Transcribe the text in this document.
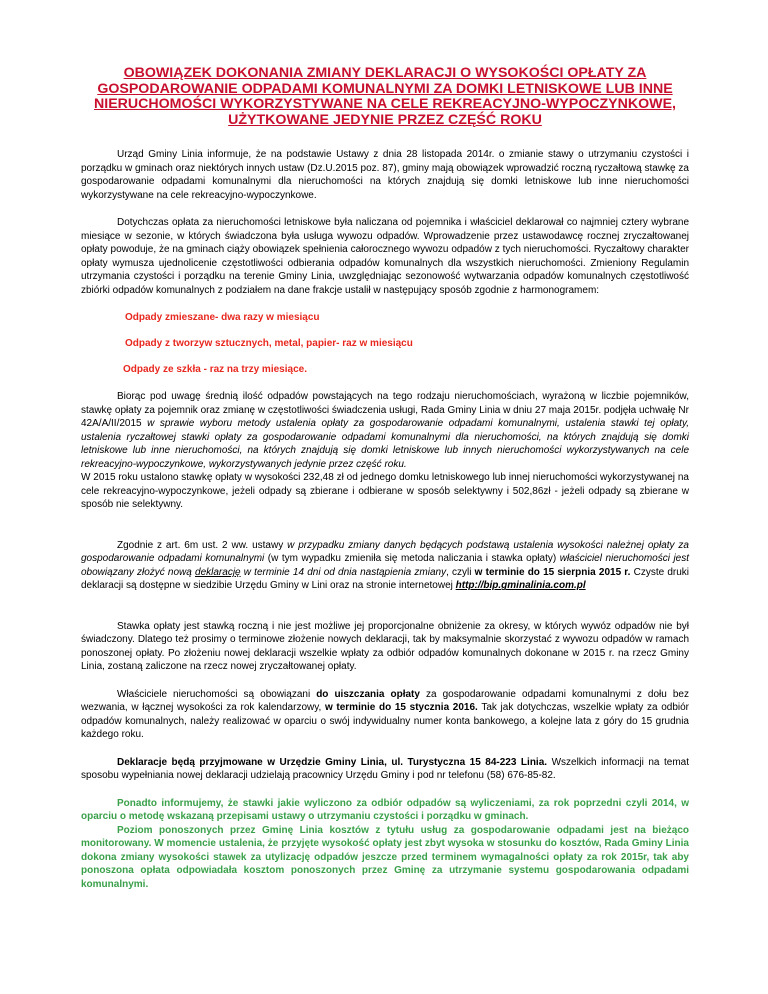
OBOWIĄZEK DOKONANIA ZMIANY DEKLARACJI O WYSOKOŚCI OPŁATY ZA GOSPODAROWANIE ODPADAMI KOMUNALNYMI ZA DOMKI LETNISKOWE LUB INNE NIERUCHOMOŚCI WYKORZYSTYWANE NA CELE REKREACYJNO-WYPOCZYNKOWE, UŻYTKOWANE JEDYNIE PRZEZ CZĘŚĆ ROKU

Urząd Gminy Linia informuje, że na podstawie Ustawy z dnia 28 listopada 2014r. o zmianie stawy o utrzymaniu czystości i porządku w gminach oraz niektórych innych ustaw (Dz.U.2015 poz. 87), gminy mają obowiązek wprowadzić roczną ryczałtową stawkę za gospodarowanie odpadami komunalnymi dla nieruchomości na których znajdują się domki letniskowe lub inne nieruchomości wykorzystywane na cele rekreacyjno-wypoczynkowe.

Dotychczas opłata za nieruchomości letniskowe była naliczana od pojemnika i właściciel deklarował co najmniej cztery wybrane miesiące w sezonie, w których świadczona była usługa wywozu odpadów. Wprowadzenie przez ustawodawcę rocznej zryczałtowanej opłaty powoduje, że na gminach ciąży obowiązek spełnienia całorocznego wywozu odpadów z tych nieruchomości. Ryczałtowy charakter opłaty wymusza ujednolicenie częstotliwości odbierania odpadów komunalnych dla wszystkich nieruchomości. Zmieniony Regulamin utrzymania czystości i porządku na terenie Gminy Linia, uwzględniając sezonowość wytwarzania odpadów komunalnych częstotliwość zbiórki odpadów komunalnych z podziałem na dane frakcje ustalił w następujący sposób zgodnie z harmonogramem:

Odpady zmieszane- dwa razy w miesiącu

Odpady z tworzyw sztucznych, metal, papier- raz w miesiącu

Odpady ze szkła - raz na trzy miesiące.

Biorąc pod uwagę średnią ilość odpadów powstających na tego rodzaju nieruchomościach, wyrażoną w liczbie pojemników, stawkę opłaty za pojemnik oraz zmianę w częstotliwości świadczenia usługi, Rada Gminy Linia w dniu 27 maja 2015r. podjęła uchwałę Nr 42A/A/II/2015 w sprawie wyboru metody ustalenia opłaty za gospodarowanie odpadami komunalnymi, ustalenia stawki tej opłaty, ustalenia ryczałtowej stawki opłaty za gospodarowanie odpadami komunalnymi dla nieruchomości, na których znajdują się domki letniskowe lub inne nieruchomości, na których znajdują się domki letniskowe lub innych nieruchomości wykorzystywanych na cele rekreacyjno-wypoczynkowe, wykorzystywanych jedynie przez część roku.

W 2015 roku ustalono stawkę opłaty w wysokości 232,48 zł od jednego domku letniskowego lub innej nieruchomości wykorzystywanej na cele rekreacyjno-wypoczynkowe, jeżeli odpady są zbierane i odbierane w sposób selektywny i 502,86zł - jeżeli odpady są zbierane w sposób nie selektywny.

Zgodnie z art. 6m ust. 2 ww. ustawy w przypadku zmiany danych będących podstawą ustalenia wysokości należnej opłaty za gospodarowanie odpadami komunalnymi (w tym wypadku zmieniła się metoda naliczania i stawka opłaty) właściciel nieruchomości jest obowiązany złożyć nową deklarację w terminie 14 dni od dnia nastąpienia zmiany, czyli w terminie do 15 sierpnia 2015 r. Czyste druki deklaracji są dostępne w siedzibie Urzędu Gminy w Lini oraz na stronie internetowej http://bip.gminalinia.com.pl

Stawka opłaty jest stawką roczną i nie jest możliwe jej proporcjonalne obniżenie za okresy, w których wywóz odpadów nie był świadczony. Dlatego też prosimy o terminowe złożenie nowych deklaracji, tak by maksymalnie skorzystać z wywozu odpadów w ramach ponoszonej opłaty. Po złożeniu nowej deklaracji wszelkie wpłaty za odbiór odpadów komunalnych dokonane w 2015 r. na rzecz Gminy Linia, zostaną zaliczone na rzecz nowej zryczałtowanej opłaty.

Właściciele nieruchomości są obowiązani do uiszczania opłaty za gospodarowanie odpadami komunalnymi z dołu bez wezwania, w łącznej wysokości za rok kalendarzowy, w terminie do 15 stycznia 2016. Tak jak dotychczas, wszelkie wpłaty za odbiór odpadów komunalnych, należy realizować w oparciu o swój indywidualny numer konta bankowego, a kolejne lata z góry do 15 grudnia każdego roku.

Deklaracje będą przyjmowane w Urzędzie Gminy Linia, ul. Turystyczna 15 84-223 Linia. Wszelkich informacji na temat sposobu wypełniania nowej deklaracji udzielają pracownicy Urzędu Gminy i pod nr telefonu (58) 676-85-82.

Ponadto informujemy, że stawki jakie wyliczono za odbiór odpadów są wyliczeniami, za rok poprzedni czyli 2014, w oparciu o metodę wskazaną przepisami ustawy o utrzymaniu czystości i porządku w gminach.

Poziom ponoszonych przez Gminę Linia kosztów z tytułu usług za gospodarowanie odpadami jest na bieżąco monitorowany. W momencie ustalenia, że przyjęte wysokość opłaty jest zbyt wysoka w stosunku do kosztów, Rada Gminy Linia dokona zmiany wysokości stawek za utylizację odpadów jeszcze przed terminem wymagalności opłaty za rok 2015r, tak aby ponoszona opłata odpowiadała kosztom ponoszonych przez Gminę za utrzymanie systemu gospodarowania odpadami komunalnymi.
